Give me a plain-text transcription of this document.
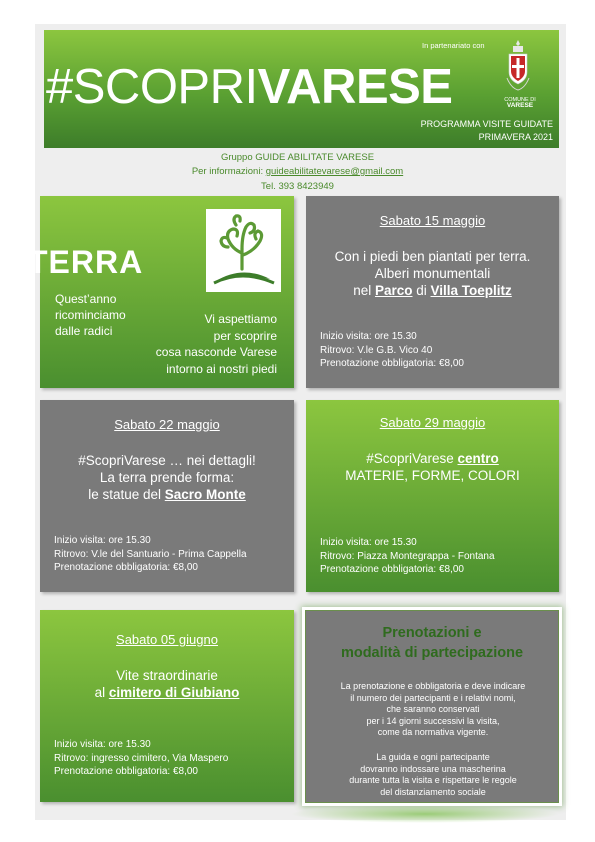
In partenariato con
#SCOPRIVARESE	COMUNE DI
VARESE
PROGRAMMA VISITE GUIDATE
PRIMAVERA 2021
Gruppo GUIDE ABILITATE VARESE
Per informazioni: guideabilitatevarese@gmail.com
Tel. 393 8423949
TERRA
Quest’anno
ricominciamo
dalle radici
Vi aspettiamo
per scoprire
cosa nasconde Varese
intorno ai nostri piedi
Sabato 15 maggio
Con i piedi ben piantati per terra.
Alberi monumentali
nel Parco di Villa Toeplitz
Inizio visita: ore 15.30
Ritrovo: V.le G.B. Vico 40
Prenotazione obbligatoria: €8,00
Sabato 22 maggio
#ScopriVarese … nei dettagli!
La terra prende forma:
le statue del Sacro Monte
Inizio visita: ore 15.30
Ritrovo: V.le del Santuario - Prima Cappella
Prenotazione obbligatoria: €8,00
Sabato 29 maggio
#ScopriVarese centro
MATERIE, FORME, COLORI
Inizio visita: ore 15.30
Ritrovo: Piazza Montegrappa - Fontana
Prenotazione obbligatoria: €8,00
Sabato 05 giugno
Vite straordinarie
al cimitero di Giubiano
Inizio visita: ore 15.30
Ritrovo: ingresso cimitero, Via Maspero
Prenotazione obbligatoria: €8,00
Prenotazioni e
modalità di partecipazione
La prenotazione e obbligatoria e deve indicare
il numero dei partecipanti e i relativi nomi,
che saranno conservati
per i 14 giorni successivi la visita,
come da normativa vigente.
La guida e ogni partecipante
dovranno indossare una mascherina
durante tutta la visita e rispettare le regole
del distanziamento sociale
